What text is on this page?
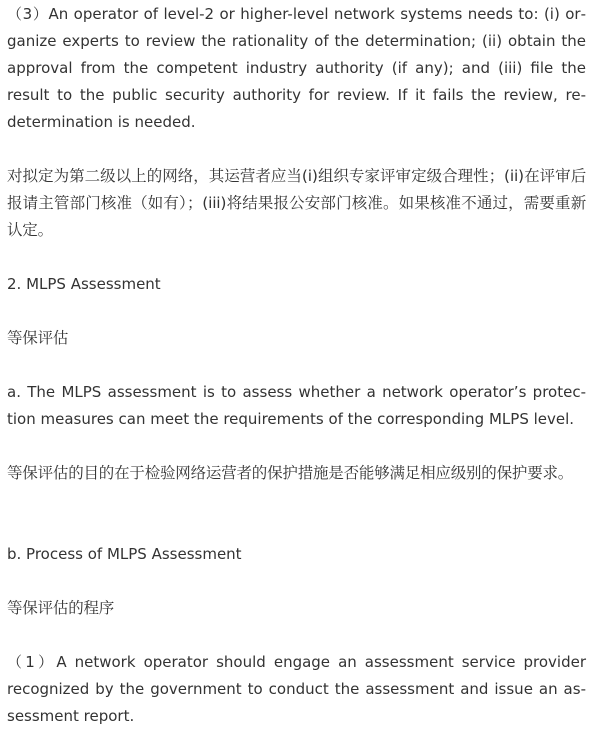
（3）An operator of level-2 or higher-level network systems needs to: (i) organize experts to review the rationality of the determination; (ii) obtain the approval from the competent industry authority (if any); and (iii) file the result to the public security authority for review. If it fails the review, re-determination is needed.

对拟定为第二级以上的网络，其运营者应当(i)组织专家评审定级合理性；(ii)在评审后报请主管部门核准（如有）；(iii)将结果报公安部门核准。如果核准不通过，需要重新认定。

2. MLPS Assessment

等保评估

a. The MLPS assessment is to assess whether a network operator’s protection measures can meet the requirements of the corresponding MLPS level.

等保评估的目的在于检验网络运营者的保护措施是否能够满足相应级别的保护要求。

b. Process of MLPS Assessment

等保评估的程序

（1）A network operator should engage an assessment service provider recognized by the government to conduct the assessment and issue an assessment report.
